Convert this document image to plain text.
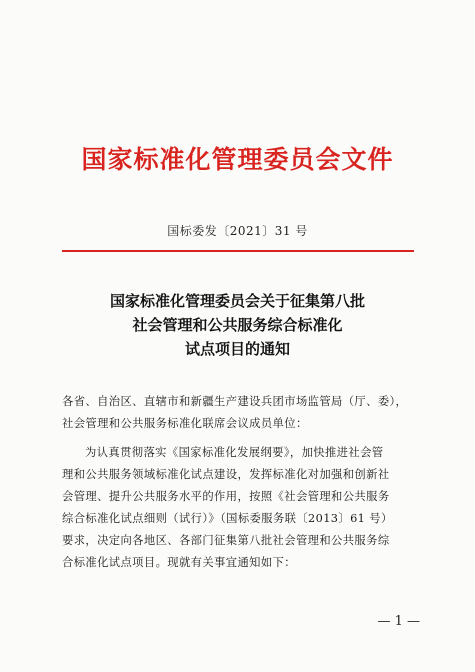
国家标准化管理委员会文件
国标委发〔2021〕31 号
国家标准化管理委员会关于征集第八批
社会管理和公共服务综合标准化
试点项目的通知
各省、自治区、直辖市和新疆生产建设兵团市场监管局（厅、委），
社会管理和公共服务标准化联席会议成员单位：
为认真贯彻落实《国家标准化发展纲要》，加快推进社会管
理和公共服务领域标准化试点建设，发挥标准化对加强和创新社
会管理、提升公共服务水平的作用，按照《社会管理和公共服务
综合标准化试点细则（试行）》（国标委服务联〔2013〕61 号）
要求，决定向各地区、各部门征集第八批社会管理和公共服务综
合标准化试点项目。现就有关事宜通知如下：
— 1 —
